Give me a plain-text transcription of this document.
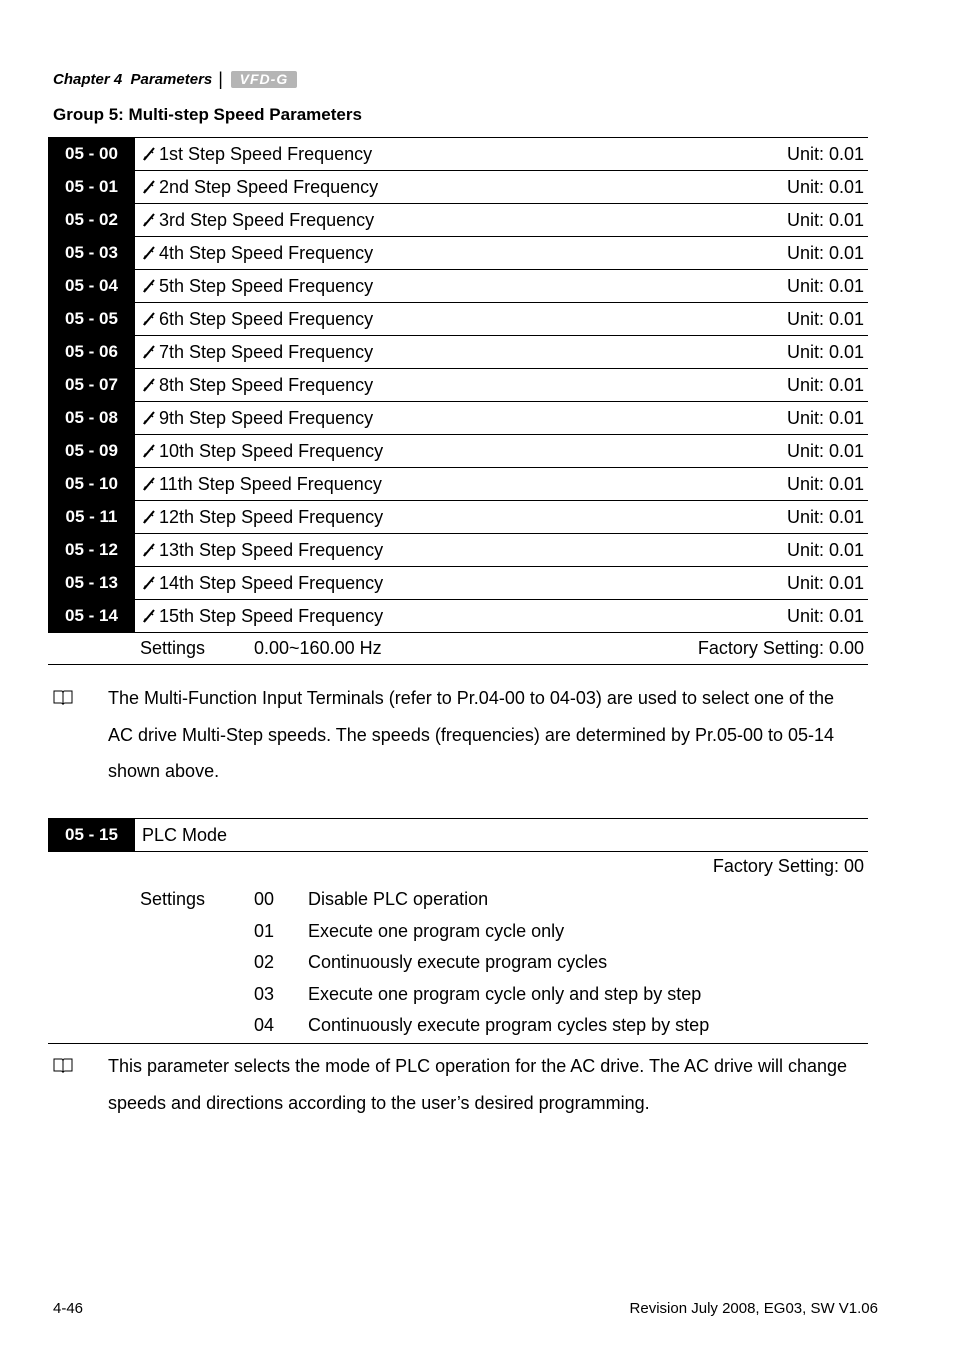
Chapter 4
Parameters |	VFD-G
Group 5: Multi-step Speed Parameters
05 - 00	1st Step Speed Frequency	Unit: 0.01
05 - 01	2nd Step Speed Frequency	Unit: 0.01
05 - 02	3rd Step Speed Frequency	Unit: 0.01
05 - 03	4th Step Speed Frequency	Unit: 0.01
05 - 04	5th Step Speed Frequency	Unit: 0.01
05 - 05	6th Step Speed Frequency	Unit: 0.01
05 - 06	7th Step Speed Frequency	Unit: 0.01
05 - 07	8th Step Speed Frequency	Unit: 0.01
05 - 08	9th Step Speed Frequency	Unit: 0.01
05 - 09	10th Step Speed Frequency	Unit: 0.01
05 - 10	11th Step Speed Frequency	Unit: 0.01
05 - 11	12th Step Speed Frequency	Unit: 0.01
05 - 12	13th Step Speed Frequency	Unit: 0.01
05 - 13	14th Step Speed Frequency	Unit: 0.01
05 - 14	15th Step Speed Frequency	Unit: 0.01
Settings	0.00~160.00 Hz	Factory Setting: 0.00
The Multi-Function Input Terminals (refer to Pr.04-00 to 04-03) are used to select one of the
AC drive Multi-Step speeds. The speeds (frequencies) are determined by Pr.05-00 to 05-14
shown above.
05 - 15	PLC Mode
Factory Setting: 00
Settings	00	Disable PLC operation
01	Execute one program cycle only
02	Continuously execute program cycles
03	Execute one program cycle only and step by step
04	Continuously execute program cycles step by step
This parameter selects the mode of PLC operation for the AC drive. The AC drive will change
speeds and directions according to the user’s desired programming.
4-46	Revision July 2008, EG03, SW V1.06
